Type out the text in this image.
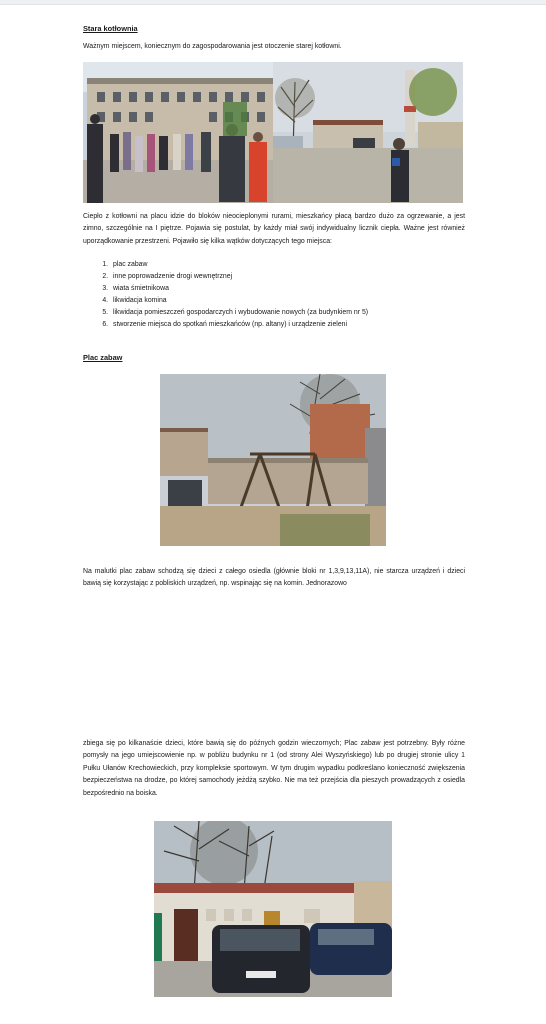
Stara kotłownia
Ważnym miejscem, koniecznym do zagospodarowania jest otoczenie starej kotłowni.
Ciepło z kotłowni na placu idzie do bloków nieocieplonymi rurami, mieszkańcy płacą bardzo dużo za ogrzewanie, a jest zimno, szczególnie na I piętrze. Pojawia się postulat, by każdy miał swój indywidualny licznik ciepła. Ważne jest również uporządkowanie przestrzeni. Pojawiło się kilka wątków dotyczących tego miejsca:
1. plac zabaw
2. inne poprowadzenie drogi wewnętrznej
3. wiata śmietnikowa
4. likwidacja komina
5. likwidacja pomieszczeń gospodarczych i wybudowanie nowych (za budynkiem nr 5)
6. stworzenie miejsca do spotkań mieszkańców (np. altany) i urządzenie zieleni
Plac zabaw
Na malutki plac zabaw schodzą się dzieci z całego osiedla (głównie bloki nr 1,3,9,13,11A), nie starcza urządzeń i dzieci bawią się korzystając z pobliskich urządzeń, np. wspinając się na komin. Jednorazowo
zbiega się po kilkanaście dzieci, które bawią się do późnych godzin wieczornych; Plac zabaw jest potrzebny. Były różne pomysły na jego umiejscowienie np. w pobliżu budynku nr 1 (od strony Alei Wyszyńskiego) lub po drugiej stronie ulicy 1 Pułku Ułanów Krechowieckich, przy kompleksie sportowym. W tym drugim wypadku podkreślano konieczność zwiększenia bezpieczeństwa na drodze, po której samochody jeżdżą szybko. Nie ma też przejścia dla pieszych prowadzących z osiedla bezpośrednio na boiska.
